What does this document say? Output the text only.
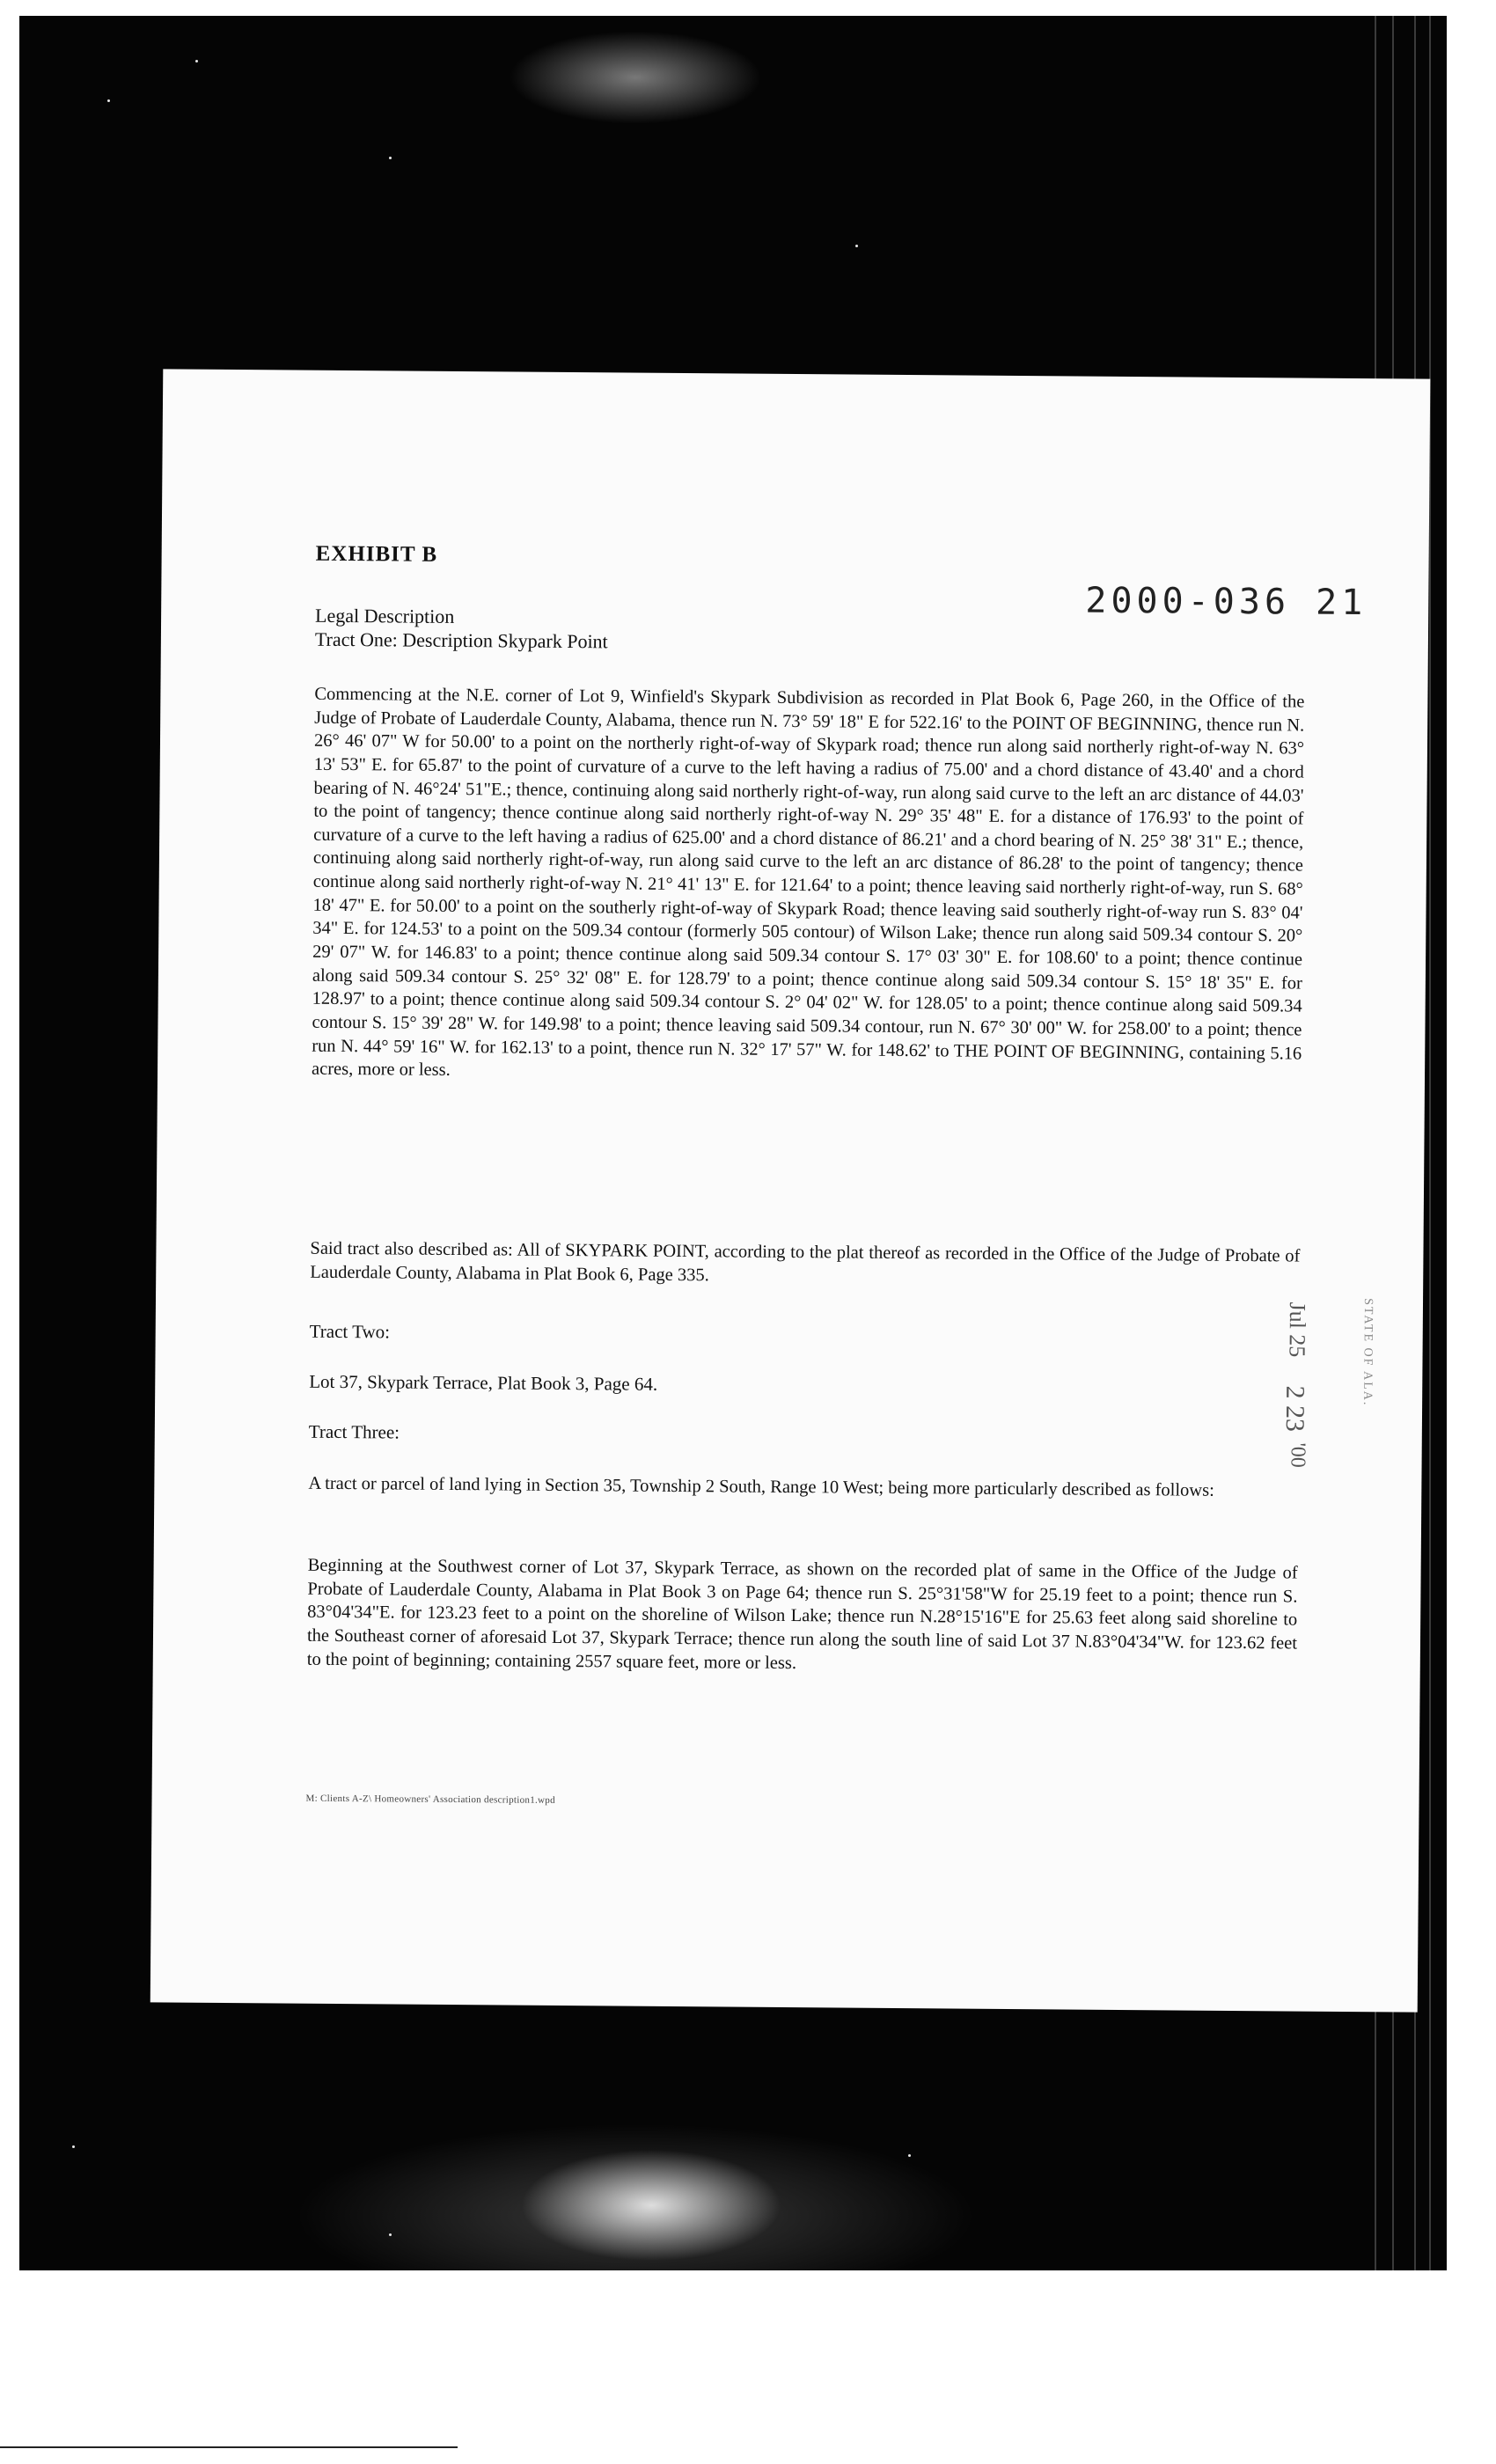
EXHIBIT B
2000-036 21
Legal Description
Tract One: Description Skypark Point

Commencing at the N.E. corner of Lot 9, Winfield's Skypark Subdivision as recorded in Plat Book 6, Page 260, in the Office of the Judge of Probate of Lauderdale County, Alabama, thence run N. 73° 59' 18" E for 522.16' to the POINT OF BEGINNING, thence run N. 26° 46' 07" W for 50.00' to a point on the northerly right-of-way of Skypark road; thence run along said northerly right-of-way N. 63° 13' 53" E. for 65.87' to the point of curvature of a curve to the left having a radius of 75.00' and a chord distance of 43.40' and a chord bearing of N. 46°24' 51"E.; thence, continuing along said northerly right-of-way, run along said curve to the left an arc distance of 44.03' to the point of tangency; thence continue along said northerly right-of-way N. 29° 35' 48" E. for a distance of 176.93' to the point of curvature of a curve to the left having a radius of 625.00' and a chord distance of 86.21' and a chord bearing of N. 25° 38' 31" E.; thence, continuing along said northerly right-of-way, run along said curve to the left an arc distance of 86.28' to the point of tangency; thence continue along said northerly right-of-way N. 21° 41' 13" E. for 121.64' to a point; thence leaving said northerly right-of-way, run S. 68° 18' 47" E. for 50.00' to a point on the southerly right-of-way of Skypark Road; thence leaving said southerly right-of-way run S. 83° 04' 34" E. for 124.53' to a point on the 509.34 contour (formerly 505 contour) of Wilson Lake; thence run along said 509.34 contour S. 20° 29' 07" W. for 146.83' to a point; thence continue along said 509.34 contour S. 17° 03' 30" E. for 108.60' to a point; thence continue along said 509.34 contour S. 25° 32' 08" E. for 128.79' to a point; thence continue along said 509.34 contour S. 15° 18' 35" E. for 128.97' to a point; thence continue along said 509.34 contour S. 2° 04' 02" W. for 128.05' to a point; thence continue along said 509.34 contour S. 15° 39' 28" W. for 149.98' to a point; thence leaving said 509.34 contour, run N. 67° 30' 00" W. for 258.00' to a point; thence run N. 44° 59' 16" W. for 162.13' to a point, thence run N. 32° 17' 57" W. for 148.62' to THE POINT OF BEGINNING, containing 5.16 acres, more or less.

Said tract also described as: All of SKYPARK POINT, according to the plat thereof as recorded in the Office of the Judge of Probate of Lauderdale County, Alabama in Plat Book 6, Page 335.

Tract Two:
Lot 37, Skypark Terrace, Plat Book 3, Page 64.
Tract Three:

A tract or parcel of land lying in Section 35, Township 2 South, Range 10 West; being more particularly described as follows:

Beginning at the Southwest corner of Lot 37, Skypark Terrace, as shown on the recorded plat of same in the Office of the Judge of Probate of Lauderdale County, Alabama in Plat Book 3 on Page 64; thence run S. 25°31'58"W for 25.19 feet to a point; thence run S. 83°04'34"E. for 123.23 feet to a point on the shoreline of Wilson Lake; thence run N.28°15'16"E for 25.63 feet along said shoreline to the Southeast corner of aforesaid Lot 37, Skypark Terrace; thence run along the south line of said Lot 37 N.83°04'34"W. for 123.62 feet to the point of beginning; containing 2557 square feet, more or less.

M: Clients A-Z\ Homeowners' Association description1.wpd
Jul 25
2 23
STATE OF ALA.
'00
